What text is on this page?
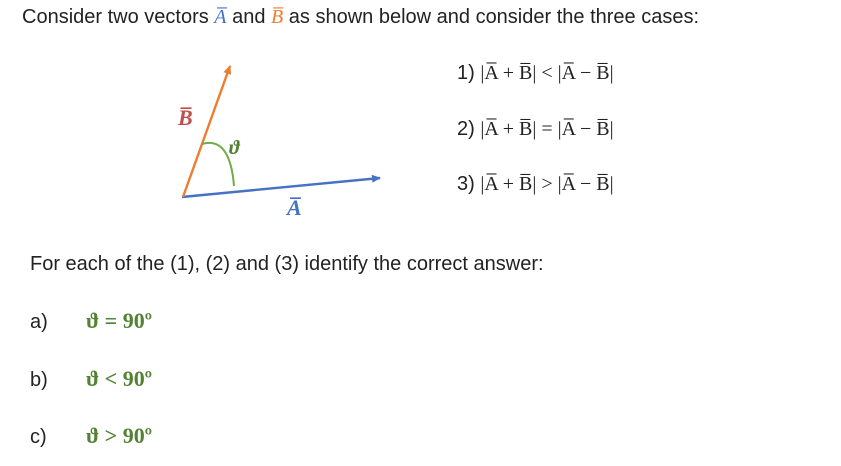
Consider two vectors A̅ and B̅ as shown below and consider the three cases:
B̅
ϑ
A̅
1) |A̅ + B̅| < |A̅ − B̅|
2) |A̅ + B̅| = |A̅ − B̅|
3) |A̅ + B̅| > |A̅ − B̅|
For each of the (1), (2) and (3) identify the correct answer:
a) ϑ = 90º
b) ϑ < 90º
c) ϑ > 90º
